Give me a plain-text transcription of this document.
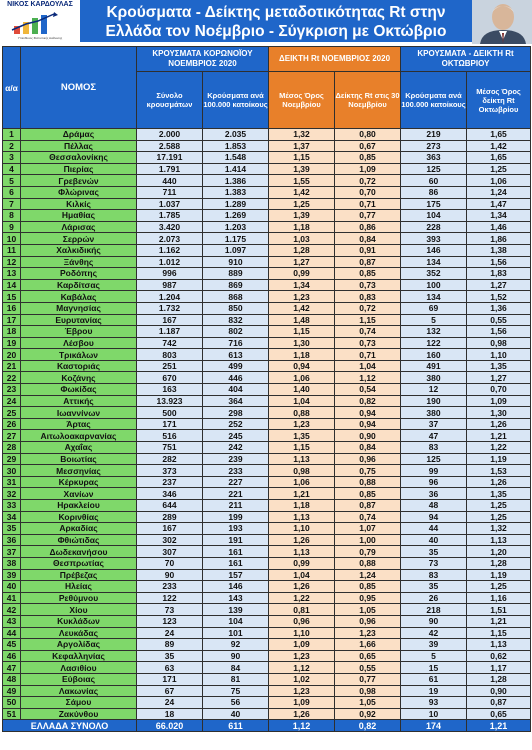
ΝΙΚΟΣ ΚΑΡΔΟΥΛΑΣ
Υπεύθυνος Στατιστικής Ανάλυσης
Κρούσματα - Δείκτης μεταδοτικότητας Rt στην
Ελλάδα τον Νοέμβριο - Σύγκριση με Οκτώβριο
α/α	ΝΟΜΟΣ	ΚΡΟΥΣΜΑΤΑ ΚΟΡΩΝΟΪΟΥ ΝΟΕΜΒΡΙΟΣ 2020		ΔΕΙΚΤΗ Rt ΝΟΕΜΒΡΙΟΣ 2020		ΚΡΟΥΣΜΑΤΑ - ΔΕΙΚΤΗ Rt ΟΚΤΩΒΡΙΟΥ	
		Σύνολο κρουσμάτων	Κρούσματα ανά 100.000 κατοίκους	Μέσος Όρος Νοεμβρίου	Δείκτης Rt στις 30 Νοεμβρίου	Κρούσματα ανά 100.000 κατοίκους	Μέσος Όρος δείκτη Rt Οκτωβρίου
1	Δράμας	2.000	2.035	1,32	0,80	219	1,65
2	Πέλλας	2.588	1.853	1,37	0,67	273	1,42
3	Θεσσαλονίκης	17.191	1.548	1,15	0,85	363	1,65
4	Πιερίας	1.791	1.414	1,39	1,09	125	1,25
5	Γρεβενών	440	1.386	1,55	0,72	60	1,06
6	Φλώρινας	711	1.383	1,42	0,70	86	1,24
7	Κιλκίς	1.037	1.289	1,25	0,71	175	1,47
8	Ημαθίας	1.785	1.269	1,39	0,77	104	1,34
9	Λάρισας	3.420	1.203	1,18	0,86	228	1,46
10	Σερρών	2.073	1.175	1,03	0,84	393	1,86
11	Χαλκιδικής	1.162	1.097	1,28	0,91	146	1,38
12	Ξάνθης	1.012	910	1,27	0,87	134	1,56
13	Ροδόπης	996	889	0,99	0,85	352	1,83
14	Καρδίτσας	987	869	1,34	0,73	100	1,27
15	Καβάλας	1.204	868	1,23	0,83	134	1,52
16	Μαγνησίας	1.732	850	1,42	0,72	69	1,36
17	Ευρυτανίας	167	832	1,48	1,15	5	0,55
18	Έβρου	1.187	802	1,15	0,74	132	1,56
19	Λέσβου	742	716	1,30	0,73	122	0,98
20	Τρικάλων	803	613	1,18	0,71	160	1,10
21	Καστοριάς	251	499	0,94	1,04	491	1,35
22	Κοζάνης	670	446	1,06	1,12	380	1,27
23	Φωκίδας	163	404	1,40	0,54	12	0,70
24	Αττικής	13.923	364	1,04	0,82	190	1,09
25	Ιωαννίνων	500	298	0,88	0,94	380	1,30
26	Άρτας	171	252	1,23	0,94	37	1,26
27	Αιτωλοακαρνανίας	516	245	1,35	0,90	47	1,21
28	Αχαΐας	751	242	1,15	0,84	83	1,22
29	Βοιωτίας	282	239	1,13	0,96	125	1,19
30	Μεσσηνίας	373	233	0,98	0,75	99	1,53
31	Κέρκυρας	237	227	1,06	0,88	96	1,26
32	Χανίων	346	221	1,21	0,85	36	1,35
33	Ηρακλείου	644	211	1,18	0,87	48	1,25
34	Κορινθίας	289	199	1,13	0,74	94	1,25
35	Αρκαδίας	167	193	1,10	1,07	44	1,32
36	Φθιώτιδας	302	191	1,26	1,00	40	1,13
37	Δωδεκανήσου	307	161	1,13	0,79	35	1,20
38	Θεσπρωτίας	70	161	0,99	0,88	73	1,28
39	Πρέβεζας	90	157	1,04	1,24	83	1,19
40	Ηλείας	233	146	1,26	0,85	35	1,25
41	Ρεθύμνου	122	143	1,22	0,95	26	1,16
42	Χίου	73	139	0,81	1,05	218	1,51
43	Κυκλάδων	123	104	0,96	0,96	90	1,21
44	Λευκάδας	24	101	1,10	1,23	42	1,15
45	Αργολίδας	89	92	1,09	1,66	39	1,13
46	Κεφαλληνίας	35	90	1,23	0,65	5	0,62
47	Λασιθίου	63	84	1,12	0,55	15	1,17
48	Εύβοιας	171	81	1,02	0,77	61	1,28
49	Λακωνίας	67	75	1,23	0,98	19	0,90
50	Σάμου	24	56	1,09	1,05	93	0,87
51	Ζακύνθου	18	40	1,26	0,92	10	0,65
ΕΛΛΑΔΑ ΣΥΝΟΛΟ		66.020	611	1,12	0,82	174	1,21
